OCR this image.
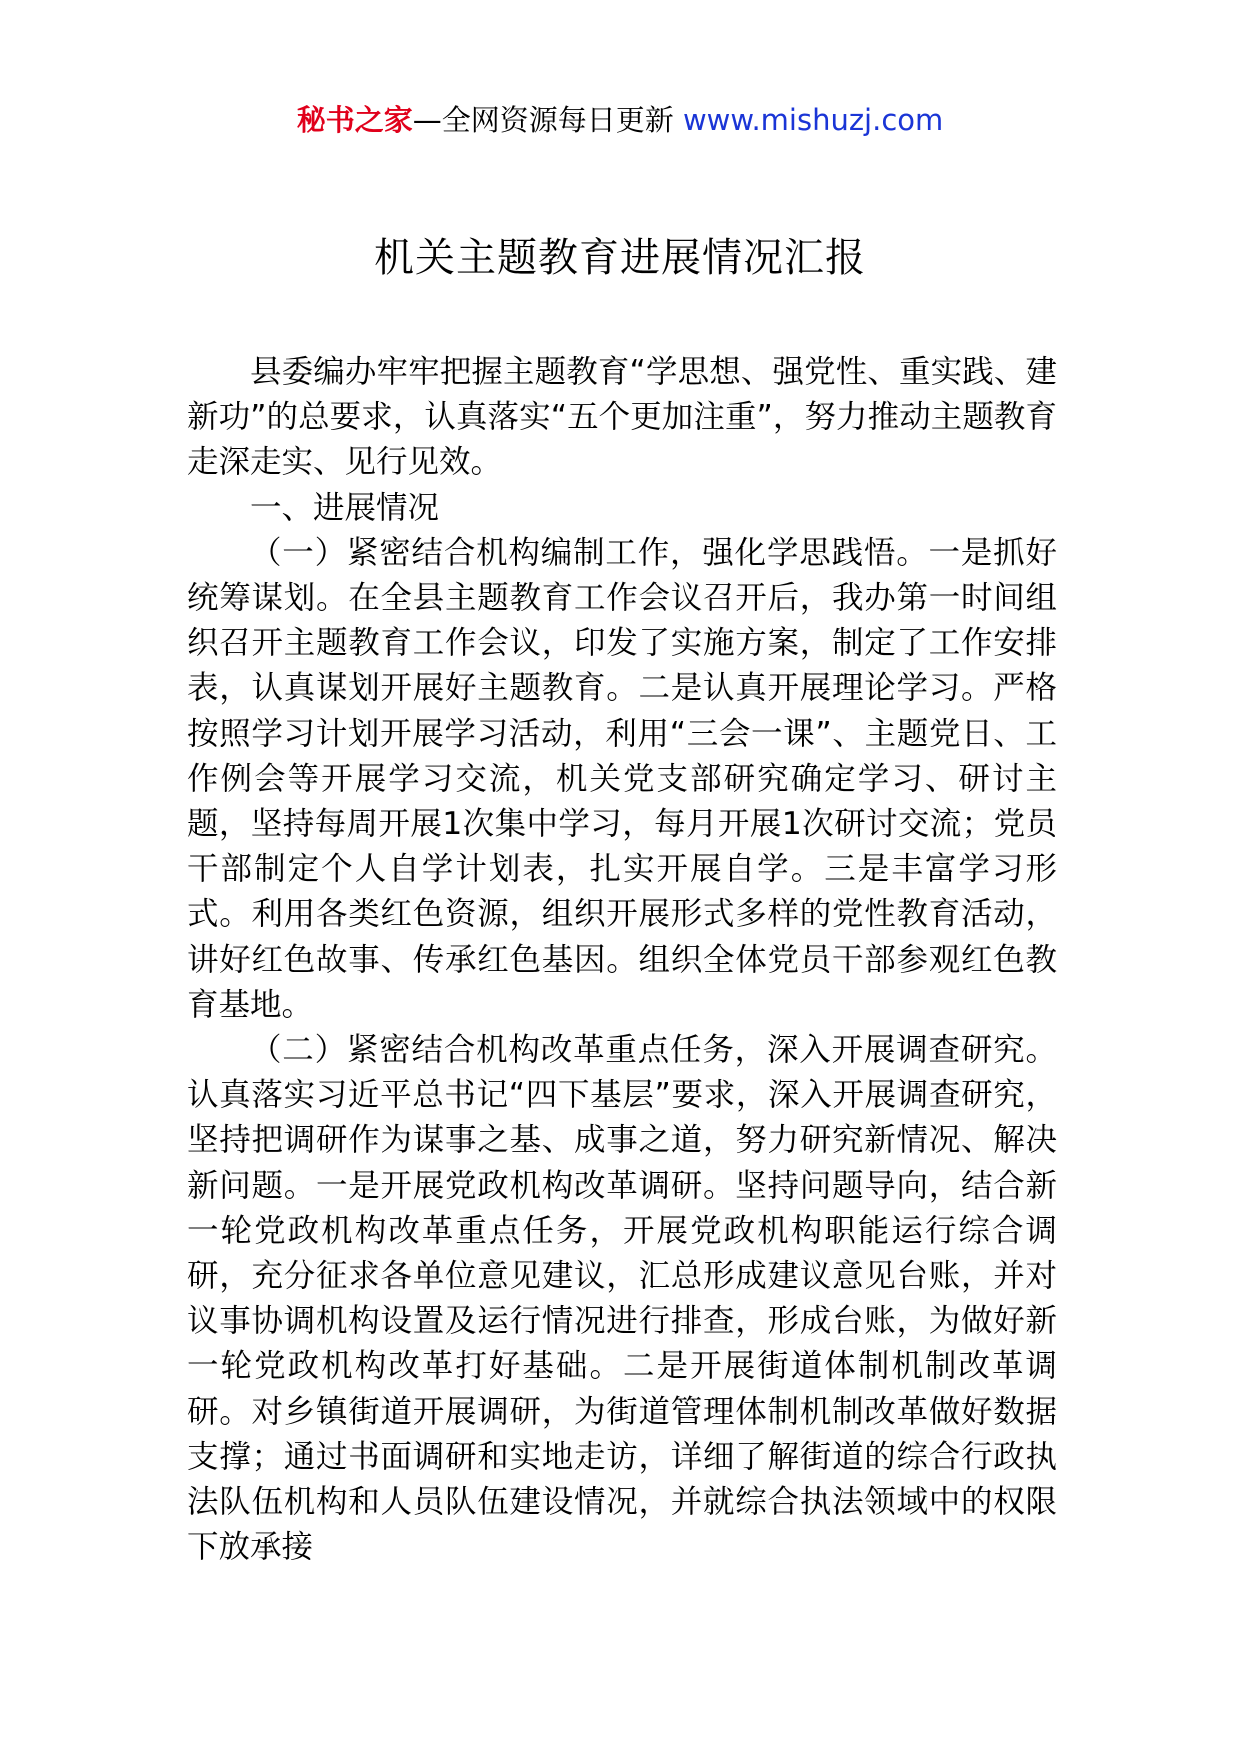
秘书之家—全网资源每日更新 www.mishuzj.com
机关主题教育进展情况汇报

县委编办牢牢把握主题教育“学思想、强党性、重实践、建新功”的总要求，认真落实“五个更加注重”，努力推动主题教育走深走实、见行见效。

一、进展情况

（一）紧密结合机构编制工作，强化学思践悟。一是抓好统筹谋划。在全县主题教育工作会议召开后，我办第一时间组织召开主题教育工作会议，印发了实施方案，制定了工作安排表，认真谋划开展好主题教育。二是认真开展理论学习。严格按照学习计划开展学习活动，利用“三会一课”、主题党日、工作例会等开展学习交流，机关党支部研究确定学习、研讨主题，坚持每周开展1次集中学习，每月开展1次研讨交流；党员干部制定个人自学计划表，扎实开展自学。三是丰富学习形式。利用各类红色资源，组织开展形式多样的党性教育活动，讲好红色故事、传承红色基因。组织全体党员干部参观红色教育基地。

（二）紧密结合机构改革重点任务，深入开展调查研究。认真落实习近平总书记“四下基层”要求，深入开展调查研究，坚持把调研作为谋事之基、成事之道，努力研究新情况、解决新问题。一是开展党政机构改革调研。坚持问题导向，结合新一轮党政机构改革重点任务，开展党政机构职能运行综合调研，充分征求各单位意见建议，汇总形成建议意见台账，并对议事协调机构设置及运行情况进行排查，形成台账，为做好新一轮党政机构改革打好基础。二是开展街道体制机制改革调研。对乡镇街道开展调研，为街道管理体制机制改革做好数据支撑；通过书面调研和实地走访，详细了解街道的综合行政执法队伍机构和人员队伍建设情况，并就综合执法领域中的权限下放承接
